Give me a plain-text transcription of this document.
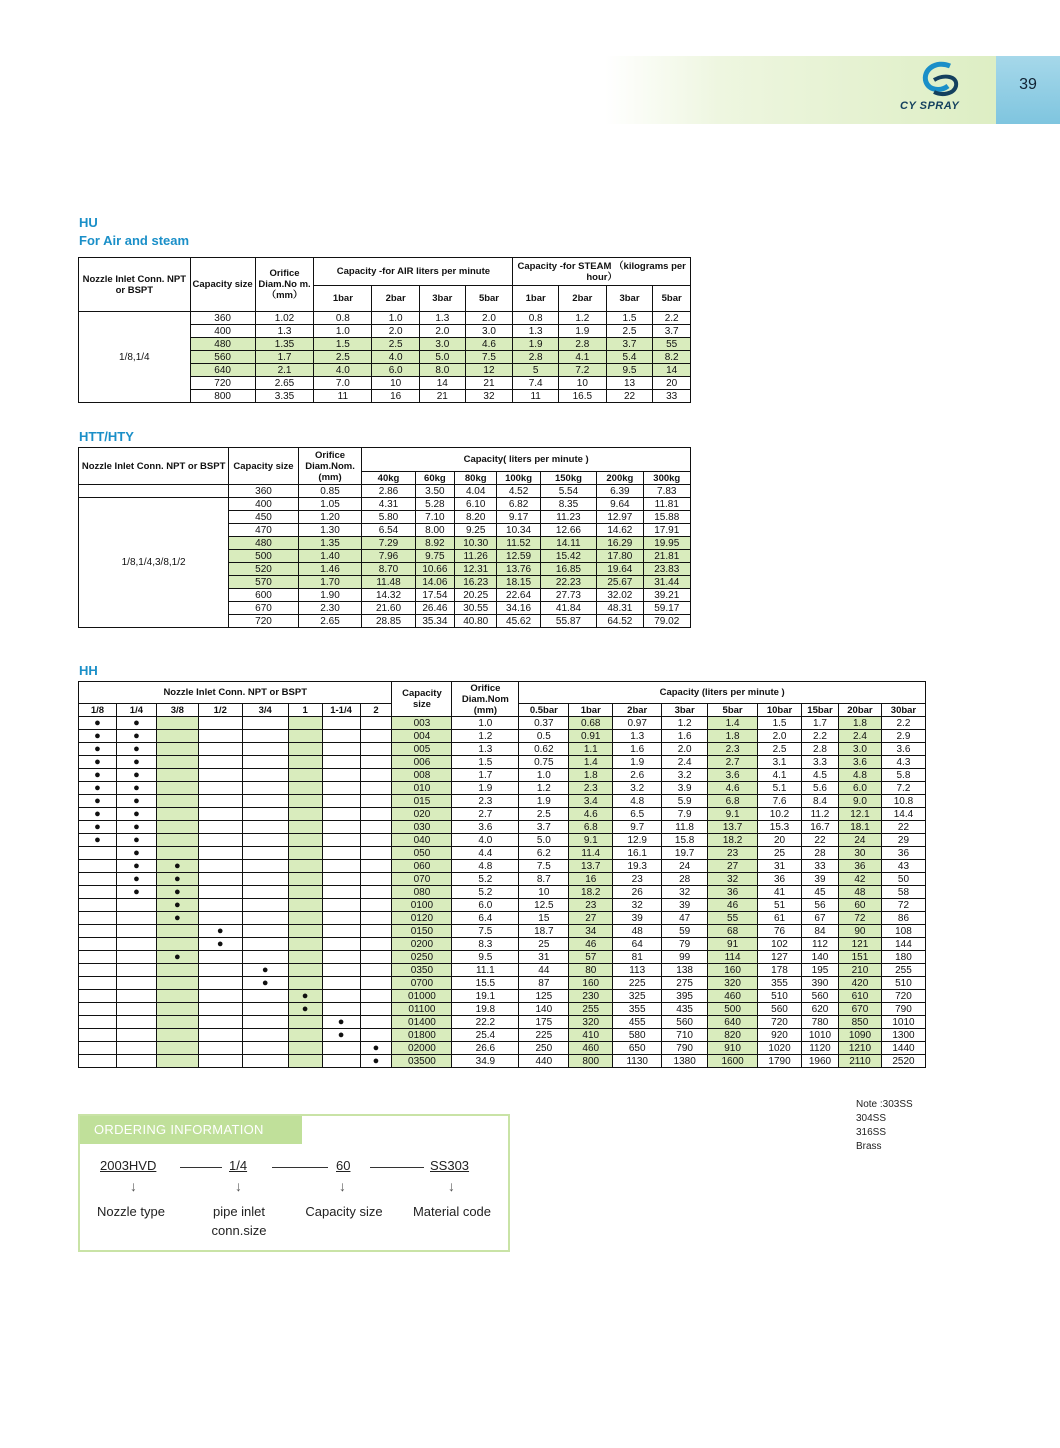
CY SPRAY
39
HU
For Air and steam
Nozzle Inlet Conn. NPT or BSPT	Capacity size	Orifice Diam.No m.（mm）	Capacity -for AIR liters per minute				Capacity -for STEAM （kilograms per hour）			
			1bar	2bar	3bar	5bar	1bar	2bar	3bar	5bar
1/8,1/4	360	1.02	0.8	1.0	1.3	2.0	0.8	1.2	1.5	2.2
	400	1.3	1.0	2.0	2.0	3.0	1.3	1.9	2.5	3.7
	480	1.35	1.5	2.5	3.0	4.6	1.9	2.8	3.7	55
	560	1.7	2.5	4.0	5.0	7.5	2.8	4.1	5.4	8.2
	640	2.1	4.0	6.0	8.0	12	5	7.2	9.5	14
	720	2.65	7.0	10	14	21	7.4	10	13	20
	800	3.35	11	16	21	32	11	16.5	22	33
HTT/HTY
Nozzle Inlet Conn. NPT or BSPT	Capacity size	Orifice Diam.Nom. (mm)	Capacity( liters per minute )						
			40kg	60kg	80kg	100kg	150kg	200kg	300kg
	360	0.85	2.86	3.50	4.04	4.52	5.54	6.39	7.83
1/8,1/4,3/8,1/2	400	1.05	4.31	5.28	6.10	6.82	8.35	9.64	11.81
	450	1.20	5.80	7.10	8.20	9.17	11.23	12.97	15.88
	470	1.30	6.54	8.00	9.25	10.34	12.66	14.62	17.91
	480	1.35	7.29	8.92	10.30	11.52	14.11	16.29	19.95
	500	1.40	7.96	9.75	11.26	12.59	15.42	17.80	21.81
	520	1.46	8.70	10.66	12.31	13.76	16.85	19.64	23.83
	570	1.70	11.48	14.06	16.23	18.15	22.23	25.67	31.44
	600	1.90	14.32	17.54	20.25	22.64	27.73	32.02	39.21
	670	2.30	21.60	26.46	30.55	34.16	41.84	48.31	59.17
	720	2.65	28.85	35.34	40.80	45.62	55.87	64.52	79.02
HH
Nozzle Inlet Conn. NPT or BSPT								Capacity size	Orifice Diam.Nom (mm)	Capacity (liters per minute )								
1/8	1/4	3/8	1/2	3/4	1	1-1/4	2			0.5bar	1bar	2bar	3bar	5bar	10bar	15bar	20bar	30bar
●	●							003	1.0	0.37	0.68	0.97	1.2	1.4	1.5	1.7	1.8	2.2
●	●							004	1.2	0.5	0.91	1.3	1.6	1.8	2.0	2.2	2.4	2.9
●	●							005	1.3	0.62	1.1	1.6	2.0	2.3	2.5	2.8	3.0	3.6
●	●							006	1.5	0.75	1.4	1.9	2.4	2.7	3.1	3.3	3.6	4.3
●	●							008	1.7	1.0	1.8	2.6	3.2	3.6	4.1	4.5	4.8	5.8
●	●							010	1.9	1.2	2.3	3.2	3.9	4.6	5.1	5.6	6.0	7.2
●	●							015	2.3	1.9	3.4	4.8	5.9	6.8	7.6	8.4	9.0	10.8
●	●							020	2.7	2.5	4.6	6.5	7.9	9.1	10.2	11.2	12.1	14.4
●	●							030	3.6	3.7	6.8	9.7	11.8	13.7	15.3	16.7	18.1	22
●	●							040	4.0	5.0	9.1	12.9	15.8	18.2	20	22	24	29
	●							050	4.4	6.2	11.4	16.1	19.7	23	25	28	30	36
	●	●						060	4.8	7.5	13.7	19.3	24	27	31	33	36	43
	●	●						070	5.2	8.7	16	23	28	32	36	39	42	50
	●	●						080	5.2	10	18.2	26	32	36	41	45	48	58
		●						0100	6.0	12.5	23	32	39	46	51	56	60	72
		●						0120	6.4	15	27	39	47	55	61	67	72	86
			●					0150	7.5	18.7	34	48	59	68	76	84	90	108
			●					0200	8.3	25	46	64	79	91	102	112	121	144
		●						0250	9.5	31	57	81	99	114	127	140	151	180
				●				0350	11.1	44	80	113	138	160	178	195	210	255
				●				0700	15.5	87	160	225	275	320	355	390	420	510
					●			01000	19.1	125	230	325	395	460	510	560	610	720
					●			01100	19.8	140	255	355	435	500	560	620	670	790
						●		01400	22.2	175	320	455	560	640	720	780	850	1010
						●		01800	25.4	225	410	580	710	820	920	1010	1090	1300
							●	02000	26.6	250	460	650	790	910	1020	1120	1210	1440
							●	03500	34.9	440	800	1130	1380	1600	1790	1960	2110	2520
Note :303SS
304SS
316SS
Brass
ORDERING INFORMATION
2003HVD	1/4	60	SS303
↓	↓	↓	↓
Nozzle type	pipe inlet conn.size
Capacity size	Material code
